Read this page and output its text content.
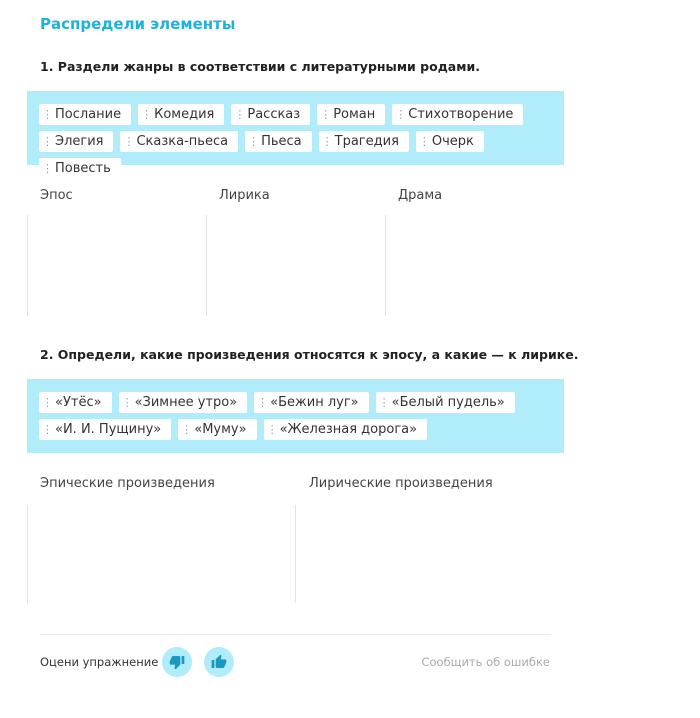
Распредели элементы
1. Раздели жанры в соответствии с литературными родами.
⋮ Послание ⋮ Комедия ⋮ Рассказ ⋮ Роман ⋮ Стихотворение
⋮ Элегия ⋮ Сказка-пьеса ⋮ Пьеса ⋮ Трагедия ⋮ Очерк
⋮ Повесть
Эпос	Лирика	Драма
2. Определи, какие произведения относятся к эпосу, а какие — к лирике.
⋮ «Утёс» ⋮ «Зимнее утро» ⋮ «Бежин луг» ⋮ «Белый пудель»
⋮ «И. И. Пущину» ⋮ «Муму» ⋮ «Железная дорога»
Эпические произведения	Лирические произведения
Оцени упражнение	Сообщить об ошибке
